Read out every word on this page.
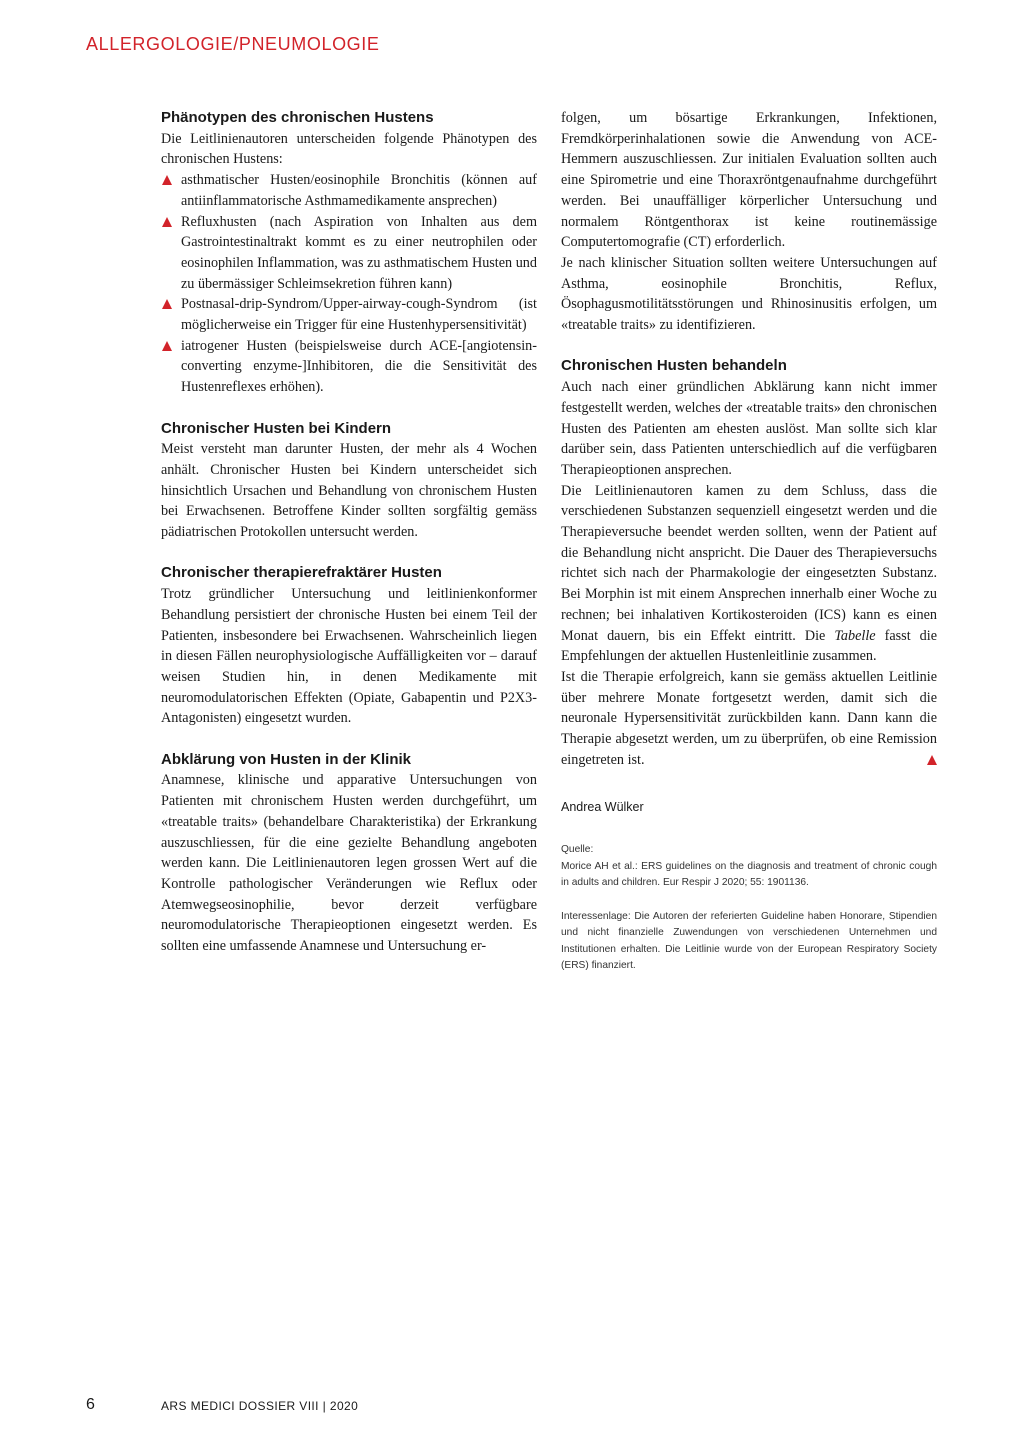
ALLERGOLOGIE/PNEUMOLOGIE
Phänotypen des chronischen Hustens

Die Leitlinienautoren unterscheiden folgende Phänotypen des chronischen Hustens:

asthmatischer Husten/eosinophile Bronchitis (können auf antiinflammatorische Asthmamedikamente ansprechen)
Refluxhusten (nach Aspiration von Inhalten aus dem Gastrointestinaltrakt kommt es zu einer neutrophilen oder eosinophilen Inflammation, was zu asthmatischem Husten und zu übermässiger Schleimsekretion führen kann)
Postnasal-drip-Syndrom/Upper-airway-cough-Syndrom (ist möglicherweise ein Trigger für eine Hustenhypersensitivität)
iatrogener Husten (beispielsweise durch ACE-[angiotensin-converting enzyme-]Inhibitoren, die die Sensitivität des Hustenreflexes erhöhen).
Chronischer Husten bei Kindern

Meist versteht man darunter Husten, der mehr als 4 Wochen anhält. Chronischer Husten bei Kindern unterscheidet sich hinsichtlich Ursachen und Behandlung von chronischem Husten bei Erwachsenen. Betroffene Kinder sollten sorgfältig gemäss pädiatrischen Protokollen untersucht werden.

Chronischer therapierefraktärer Husten

Trotz gründlicher Untersuchung und leitlinienkonformer Behandlung persistiert der chronische Husten bei einem Teil der Patienten, insbesondere bei Erwachsenen. Wahrscheinlich liegen in diesen Fällen neurophysiologische Auffälligkeiten vor – darauf weisen Studien hin, in denen Medikamente mit neuromodulatorischen Effekten (Opiate, Gabapentin und P2X3-Antagonisten) eingesetzt wurden.

Abklärung von Husten in der Klinik

Anamnese, klinische und apparative Untersuchungen von Patienten mit chronischem Husten werden durchgeführt, um «treatable traits» (behandelbare Charakteristika) der Erkrankung auszuschliessen, für die eine gezielte Behandlung angeboten werden kann. Die Leitlinienautoren legen grossen Wert auf die Kontrolle pathologischer Veränderungen wie Reflux oder Atemwegseosinophilie, bevor derzeit verfügbare neuromodulatorische Therapieoptionen eingesetzt werden. Es sollten eine umfassende Anamnese und Untersuchung er-

folgen, um bösartige Erkrankungen, Infektionen, Fremdkörperinhalationen sowie die Anwendung von ACE-Hemmern auszuschliessen. Zur initialen Evaluation sollten auch eine Spirometrie und eine Thoraxröntgenaufnahme durchgeführt werden. Bei unauffälliger körperlicher Untersuchung und normalem Röntgenthorax ist keine routinemässige Computertomografie (CT) erforderlich.

Je nach klinischer Situation sollten weitere Untersuchungen auf Asthma, eosinophile Bronchitis, Reflux, Ösophagusmotilitätsstörungen und Rhinosinusitis erfolgen, um «treatable traits» zu identifizieren.

Chronischen Husten behandeln

Auch nach einer gründlichen Abklärung kann nicht immer festgestellt werden, welches der «treatable traits» den chronischen Husten des Patienten am ehesten auslöst. Man sollte sich klar darüber sein, dass Patienten unterschiedlich auf die verfügbaren Therapieoptionen ansprechen.

Die Leitlinienautoren kamen zu dem Schluss, dass die verschiedenen Substanzen sequenziell eingesetzt werden und die Therapieversuche beendet werden sollten, wenn der Patient auf die Behandlung nicht anspricht. Die Dauer des Therapieversuchs richtet sich nach der Pharmakologie der eingesetzten Substanz. Bei Morphin ist mit einem Ansprechen innerhalb einer Woche zu rechnen; bei inhalativen Kortikosteroiden (ICS) kann es einen Monat dauern, bis ein Effekt eintritt. Die Tabelle fasst die Empfehlungen der aktuellen Hustenleitlinie zusammen.

Ist die Therapie erfolgreich, kann sie gemäss aktuellen Leitlinie über mehrere Monate fortgesetzt werden, damit sich die neuronale Hypersensitivität zurückbilden kann. Dann kann die Therapie abgesetzt werden, um zu überprüfen, ob eine Remission eingetreten ist.

Andrea Wülker
Quelle:
Morice AH et al.: ERS guidelines on the diagnosis and treatment of chronic cough in adults and children. Eur Respir J 2020; 55: 1901136.
Interessenlage: Die Autoren der referierten Guideline haben Honorare, Stipendien und nicht finanzielle Zuwendungen von verschiedenen Unternehmen und Institutionen erhalten. Die Leitlinie wurde von der European Respiratory Society (ERS) finanziert.
6	ARS MEDICI DOSSIER VIII | 2020
